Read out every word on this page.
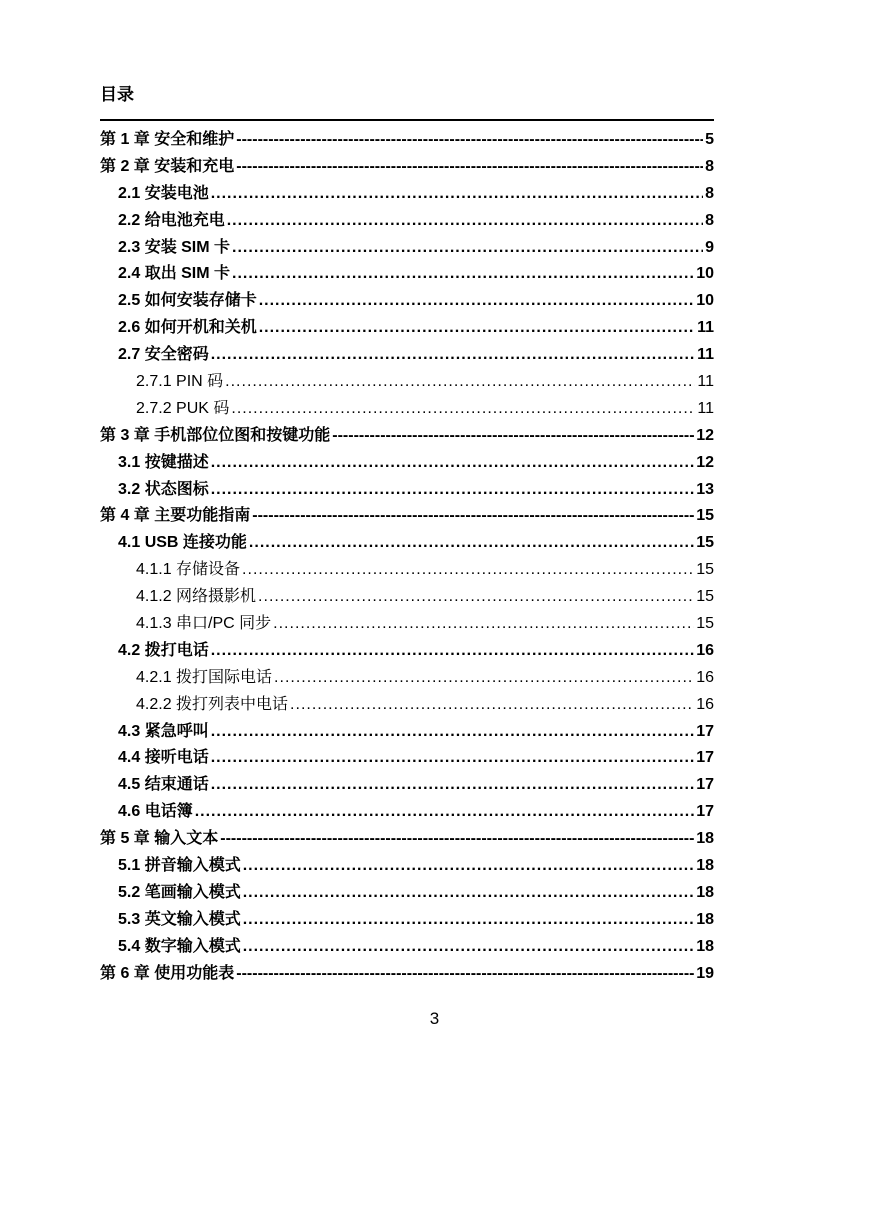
目录
第 1 章 安全和维护 -----	5
第 2 章 安装和充电 -----	8
2.1 安装电池 .....	8
2.2 给电池充电 .....	8
2.3 安装 SIM 卡 .....	9
2.4 取出 SIM 卡 .....	10
2.5 如何安装存储卡 .....	10
2.6 如何开机和关机 .....	11
2.7 安全密码 .....	11
2.7.1 PIN 码 .....	11
2.7.2 PUK 码 .....	11
第 3 章 手机部位位图和按键功能 -----	12
3.1 按键描述 .....	12
3.2 状态图标 .....	13
第 4 章 主要功能指南 -----	15
4.1 USB 连接功能 .....	15
4.1.1 存储设备 .....	15
4.1.2 网络摄影机 .....	15
4.1.3 串口/PC 同步 .....	15
4.2 拨打电话 .....	16
4.2.1 拨打国际电话 .....	16
4.2.2 拨打列表中电话 .....	16
4.3 紧急呼叫 .....	17
4.4 接听电话 .....	17
4.5 结束通话 .....	17
4.6 电话簿 .....	17
第 5 章 输入文本 -----	18
5.1 拼音输入模式 .....	18
5.2 笔画输入模式 .....	18
5.3 英文输入模式 .....	18
5.4 数字输入模式 .....	18
第 6 章 使用功能表 -----	19
3
